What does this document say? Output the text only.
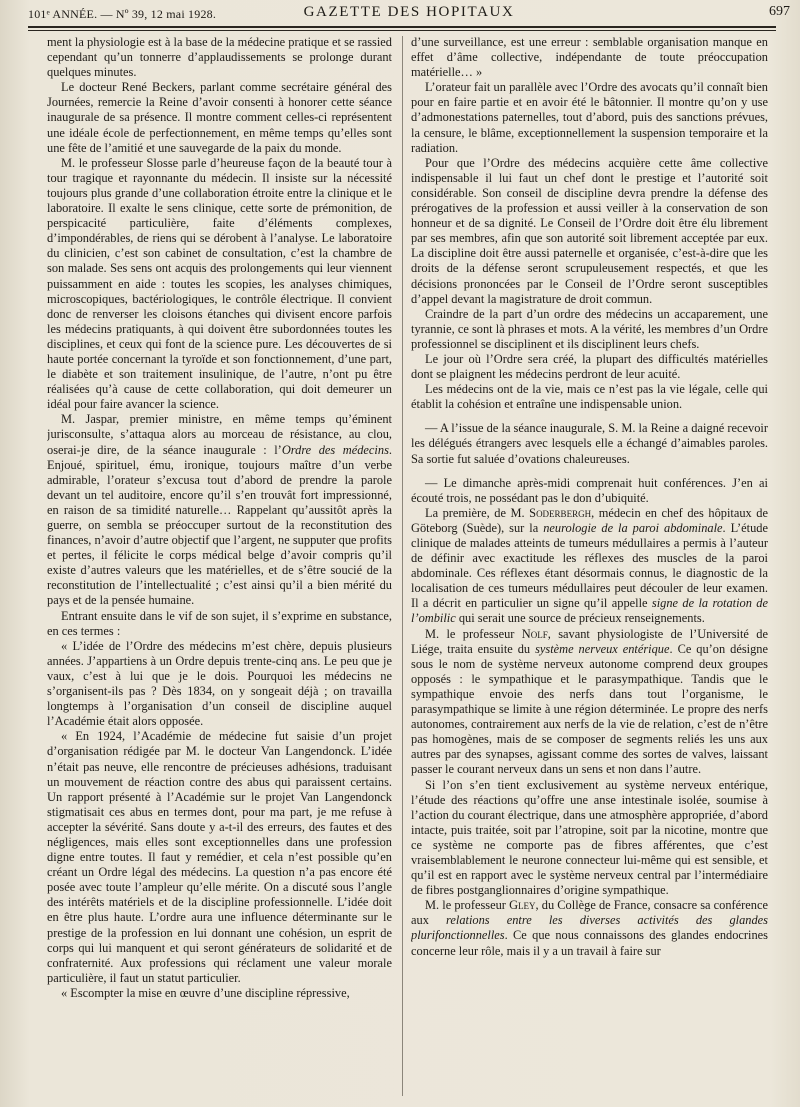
101ᵉ ANNÉE. — Nº 39, 12 mai 1928.	GAZETTE DES HOPITAUX	697

ment la physiologie est à la base de la médecine pratique et se rassied cependant qu’un tonnerre d’applaudissements se prolonge durant quelques minutes.

Le docteur René Beckers, parlant comme secrétaire général des Journées, remercie la Reine d’avoir consenti à honorer cette séance inaugurale de sa présence. Il montre comment celles-ci représentent une idéale école de perfectionnement, en même temps qu’elles sont une fête de l’amitié et une sauvegarde de la paix du monde.

M. le professeur Slosse parle d’heureuse façon de la beauté tour à tour tragique et rayonnante du médecin. Il insiste sur la nécessité toujours plus grande d’une collaboration étroite entre la clinique et le laboratoire. Il exalte le sens clinique, cette sorte de prémonition, de perspicacité particulière, faite d’éléments complexes, d’impondérables, de riens qui se dérobent à l’analyse. Le laboratoire du clinicien, c’est son cabinet de consultation, c’est la chambre de son malade. Ses sens ont acquis des prolongements qui leur viennent puissamment en aide : toutes les scopies, les analyses chimiques, microscopiques, bactériologiques, le contrôle électrique. Il convient donc de renverser les cloisons étanches qui divisent encore parfois les médecins pratiquants, à qui doivent être subordonnées toutes les disciplines, et ceux qui font de la science pure. Les découvertes de si haute portée concernant la tyroïde et son fonctionnement, d’une part, le diabète et son traitement insulinique, de l’autre, n’ont pu être réalisées qu’à cause de cette collaboration, qui doit demeurer un idéal pour faire avancer la science.

M. Jaspar, premier ministre, en même temps qu’éminent jurisconsulte, s’attaqua alors au morceau de résistance, au clou, oserai-je dire, de la séance inaugurale : l’Ordre des médecins. Enjoué, spirituel, ému, ironique, toujours maître d’un verbe admirable, l’orateur s’excusa tout d’abord de prendre la parole devant un tel auditoire, encore qu’il s’en trouvât fort impressionné, en raison de sa timidité naturelle… Rappelant qu’aussitôt après la guerre, on sembla se préoccuper surtout de la reconstitution des finances, n’avoir d’autre objectif que l’argent, ne supputer que profits et pertes, il félicite le corps médical belge d’avoir compris qu’il existe d’autres valeurs que les matérielles, et de s’être soucié de la reconstitution de l’intellectualité ; c’est ainsi qu’il a bien mérité du pays et de la pensée humaine.

Entrant ensuite dans le vif de son sujet, il s’exprime en substance, en ces termes :

« L’idée de l’Ordre des médecins m’est chère, depuis plusieurs années. J’appartiens à un Ordre depuis trente-cinq ans. Le peu que je vaux, c’est à lui que je le dois. Pourquoi les médecins ne s’organisent-ils pas ? Dès 1834, on y songeait déjà ; on travailla longtemps à l’organisation d’un conseil de discipline auquel l’Académie était alors opposée.

« En 1924, l’Académie de médecine fut saisie d’un projet d’organisation rédigée par M. le docteur Van Langendonck. L’idée n’était pas neuve, elle rencontre de précieuses adhésions, traduisant un mouvement de réaction contre des abus qui paraissent certains. Un rapport présenté à l’Académie sur le projet Van Langendonck stigmatisait ces abus en termes dont, pour ma part, je me refuse à accepter la sévérité. Sans doute y a-t-il des erreurs, des fautes et des négligences, mais elles sont exceptionnelles dans une profession digne entre toutes. Il faut y remédier, et cela n’est possible qu’en créant un Ordre légal des médecins. La question n’a pas encore été posée avec toute l’ampleur qu’elle mérite. On a discuté sous l’angle des intérêts matériels et de la discipline professionnelle. L’idée doit en être plus haute. L’ordre aura une influence déterminante sur le prestige de la profession en lui donnant une cohésion, un esprit de corps qui lui manquent et qui seront générateurs de solidarité et de confraternité. Aux professions qui réclament une valeur morale particulière, il faut un statut particulier.

« Escompter la mise en œuvre d’une discipline répressive,

d’une surveillance, est une erreur : semblable organisation manque en effet d’âme collective, indépendante de toute préoccupation matérielle… »

L’orateur fait un parallèle avec l’Ordre des avocats qu’il connaît bien pour en faire partie et en avoir été le bâtonnier. Il montre qu’on y use d’admonestations paternelles, tout d’abord, puis des sanctions prévues, la censure, le blâme, exceptionnellement la suspension temporaire et la radiation.

Pour que l’Ordre des médecins acquière cette âme collective indispensable il lui faut un chef dont le prestige et l’autorité soit considérable. Son conseil de discipline devra prendre la défense des prérogatives de la profession et aussi veiller à la conservation de son honneur et de sa dignité. Le Conseil de l’Ordre doit être élu librement par ses membres, afin que son autorité soit librement acceptée par eux. La discipline doit être aussi paternelle et organisée, c’est-à-dire que les droits de la défense seront scrupuleusement respectés, et que les décisions prononcées par le Conseil de l’Ordre seront susceptibles d’appel devant la magistrature de droit commun.

Craindre de la part d’un ordre des médecins un accaparement, une tyrannie, ce sont là phrases et mots. A la vérité, les membres d’un Ordre professionnel se disciplinent et ils disciplinent leurs chefs.

Le jour où l’Ordre sera créé, la plupart des difficultés matérielles dont se plaignent les médecins perdront de leur acuité.

Les médecins ont de la vie, mais ce n’est pas la vie légale, celle qui établit la cohésion et entraîne une indispensable union.

— A l’issue de la séance inaugurale, S. M. la Reine a daigné recevoir les délégués étrangers avec lesquels elle a échangé d’aimables paroles. Sa sortie fut saluée d’ovations chaleureuses.

— Le dimanche après-midi comprenait huit conférences. J’en ai écouté trois, ne possédant pas le don d’ubiquité.

La première, de M. Soderbergh, médecin en chef des hôpitaux de Göteborg (Suède), sur la neurologie de la paroi abdominale. L’étude clinique de malades atteints de tumeurs médullaires a permis à l’auteur de définir avec exactitude les réflexes des muscles de la paroi abdominale. Ces réflexes étant désormais connus, le diagnostic de la localisation de ces tumeurs médullaires peut découler de leur examen. Il a décrit en particulier un signe qu’il appelle signe de la rotation de l’ombilic qui serait une source de précieux renseignements.

M. le professeur Nolf, savant physiologiste de l’Université de Liége, traita ensuite du système nerveux entérique. Ce qu’on désigne sous le nom de système nerveux autonome comprend deux groupes opposés : le sympathique et le parasympathique. Tandis que le sympathique envoie des nerfs dans tout l’organisme, le parasympathique se limite à une région déterminée. Le propre des nerfs autonomes, contrairement aux nerfs de la vie de relation, c’est de n’être pas homogènes, mais de se composer de segments reliés les uns aux autres par des synapses, agissant comme des sortes de valves, laissant passer le courant nerveux dans un sens et non dans l’autre.

Si l’on s’en tient exclusivement au système nerveux entérique, l’étude des réactions qu’offre une anse intestinale isolée, soumise à l’action du courant électrique, dans une atmosphère appropriée, d’abord intacte, puis traitée, soit par l’atropine, soit par la nicotine, montre que ce système ne comporte pas de fibres afférentes, que c’est vraisemblablement le neurone connecteur lui-même qui est sensible, et qu’il est en rapport avec le système nerveux central par l’intermédiaire de fibres postganglionnaires d’origine sympathique.

M. le professeur Gley, du Collège de France, consacre sa conférence aux relations entre les diverses activités des glandes plurifonctionnelles. Ce que nous connaissons des glandes endocrines concerne leur rôle, mais il y a un travail à faire sur
